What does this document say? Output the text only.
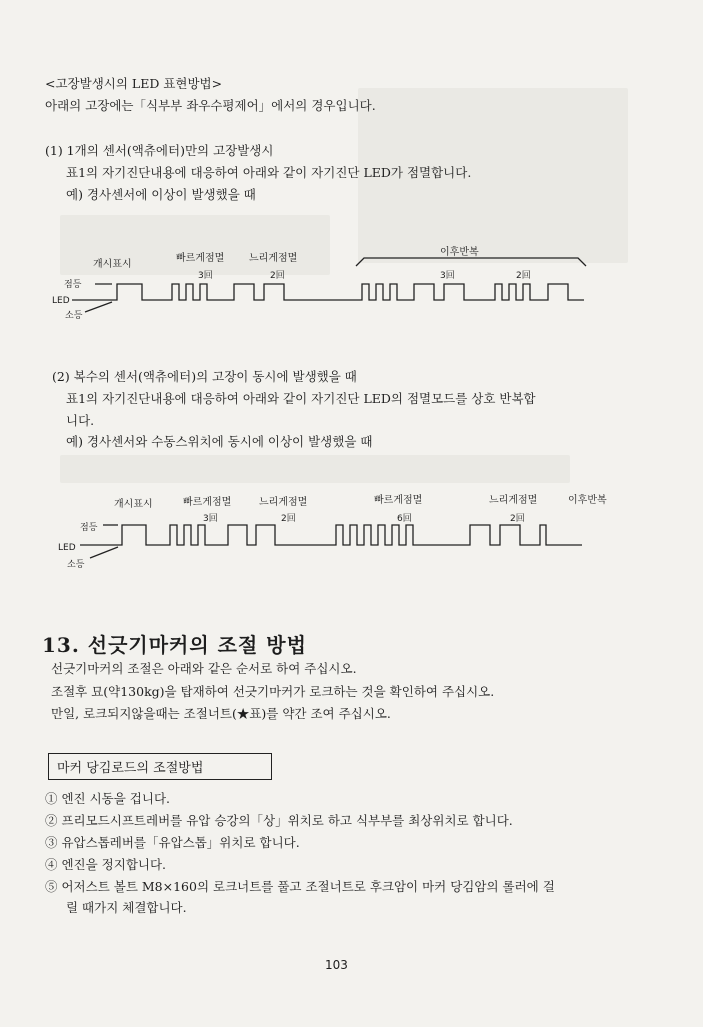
<고장발생시의 LED 표현방법>
아래의 고장에는「식부부 좌우수평제어」에서의 경우입니다.
(1) 1개의 센서(액츄에터)만의 고장발생시
표1의 자기진단내용에 대응하여 아래와 같이 자기진단 LED가 점멸합니다.
예) 경사센서에 이상이 발생했을 때
개시표시
빠르게점멸 느리게점멸
이후반복
3回	2回	3回	2回
점등
LED
소등
(2) 복수의 센서(액츄에터)의 고장이 동시에 발생했을 때
표1의 자기진단내용에 대응하여 아래와 같이 자기진단 LED의 점멸모드를 상호 반복합
니다.
예) 경사센서와 수동스위치에 동시에 이상이 발생했을 때
개시표시	빠르게점멸	느리게점멸	빠르게점멸	느리게점멸	이후반복
3回	2回	6回	2回
점등
LED
소등
13. 선긋기마커의 조절 방법
선긋기마커의 조절은 아래와 같은 순서로 하여 주십시오.
조절후 묘(약130kg)을 탑재하여 선긋기마커가 로크하는 것을 확인하여 주십시오.
만일, 로크되지않을때는 조절너트(★표)를 약간 조여 주십시오.
마커 당김로드의 조절방법
① 엔진 시동을 겁니다.
② 프리모드시프트레버를 유압 승강의「상」위치로 하고 식부부를 최상위치로 합니다.
③ 유압스톱레버를「유압스톱」위치로 합니다.
④ 엔진을 정지합니다.
⑤ 어저스트 볼트 M8×160의 로크너트를 풀고 조절너트로 후크암이 마커 당김암의 롤러에 걸
릴 때가지 체결합니다.
103
